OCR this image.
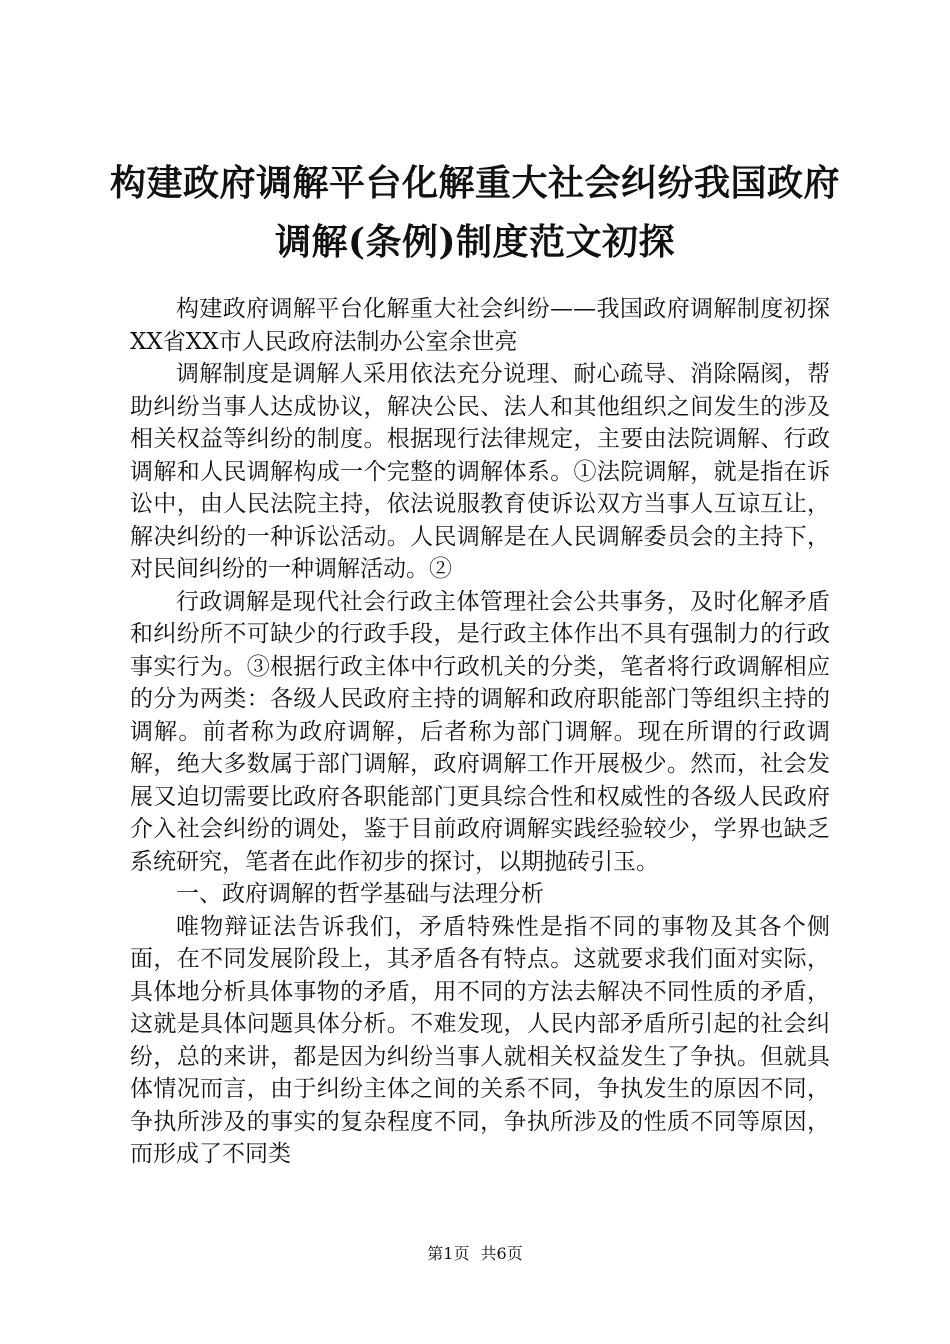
构建政府调解平台化解重大社会纠纷我国政府
调解(条例)制度范文初探

构建政府调解平台化解重大社会纠纷——我国政府调解制度初探XX省XX市人民政府法制办公室余世亮

调解制度是调解人采用依法充分说理、耐心疏导、消除隔阂，帮助纠纷当事人达成协议，解决公民、法人和其他组织之间发生的涉及相关权益等纠纷的制度。根据现行法律规定，主要由法院调解、行政调解和人民调解构成一个完整的调解体系。①法院调解，就是指在诉讼中，由人民法院主持，依法说服教育使诉讼双方当事人互谅互让，解决纠纷的一种诉讼活动。人民调解是在人民调解委员会的主持下，对民间纠纷的一种调解活动。②

行政调解是现代社会行政主体管理社会公共事务，及时化解矛盾和纠纷所不可缺少的行政手段，是行政主体作出不具有强制力的行政事实行为。③根据行政主体中行政机关的分类，笔者将行政调解相应的分为两类：各级人民政府主持的调解和政府职能部门等组织主持的调解。前者称为政府调解，后者称为部门调解。现在所谓的行政调解，绝大多数属于部门调解，政府调解工作开展极少。然而，社会发展又迫切需要比政府各职能部门更具综合性和权威性的各级人民政府介入社会纠纷的调处，鉴于目前政府调解实践经验较少，学界也缺乏系统研究，笔者在此作初步的探讨，以期抛砖引玉。

一、政府调解的哲学基础与法理分析

唯物辩证法告诉我们，矛盾特殊性是指不同的事物及其各个侧面，在不同发展阶段上，其矛盾各有特点。这就要求我们面对实际，具体地分析具体事物的矛盾，用不同的方法去解决不同性质的矛盾，这就是具体问题具体分析。不难发现，人民内部矛盾所引起的社会纠纷，总的来讲，都是因为纠纷当事人就相关权益发生了争执。但就具体情况而言，由于纠纷主体之间的关系不同，争执发生的原因不同，争执所涉及的事实的复杂程度不同，争执所涉及的性质不同等原因，而形成了不同类

第1页 共6页
